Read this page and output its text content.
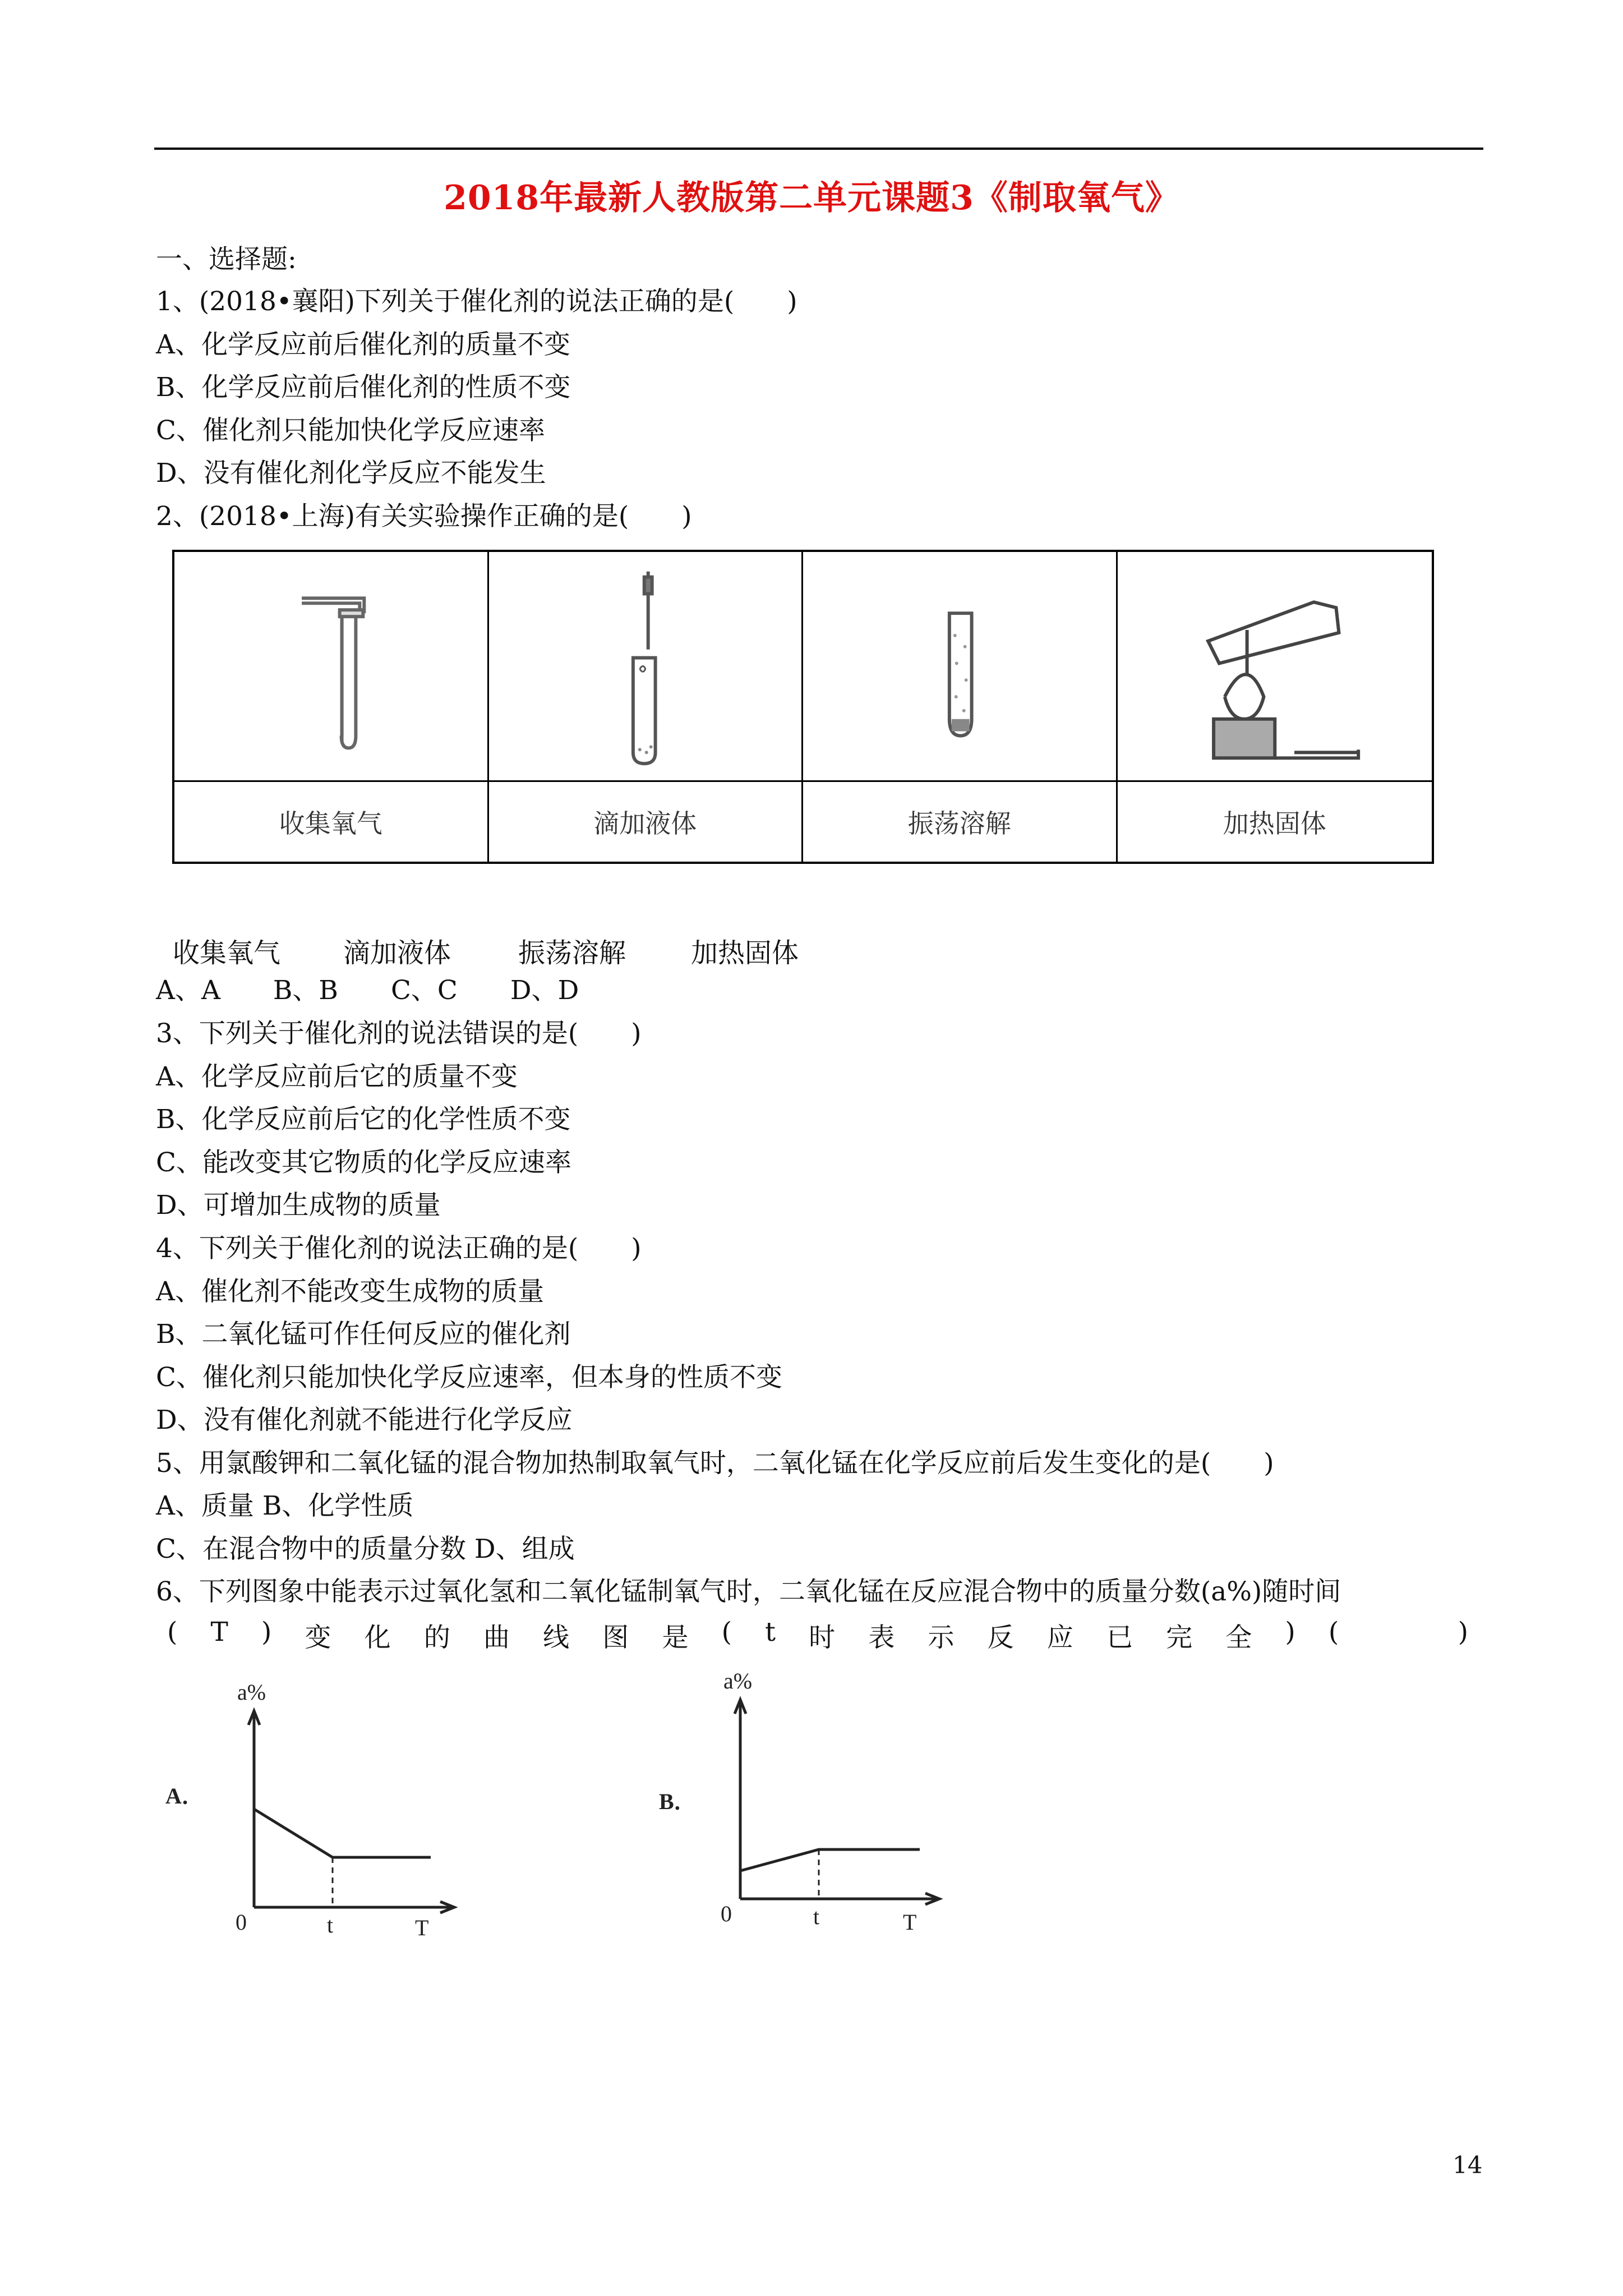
2018年最新人教版第二单元课题3《制取氧气》
一、选择题:
1、(2018•襄阳)下列关于催化剂的说法正确的是(　　)
A、化学反应前后催化剂的质量不变
B、化学反应前后催化剂的性质不变
C、催化剂只能加快化学反应速率
D、没有催化剂化学反应不能发生
2、(2018•上海)有关实验操作正确的是(　　)
收集氧气	滴加液体	振荡溶解	加热固体
收集氧气 滴加液体 振荡溶解 加热固体
A、A　　B、B　　C、C　　D、D
3、下列关于催化剂的说法错误的是(　　)
A、化学反应前后它的质量不变
B、化学反应前后它的化学性质不变
C、能改变其它物质的化学反应速率
D、可增加生成物的质量
4、下列关于催化剂的说法正确的是(　　)
A、催化剂不能改变生成物的质量
B、二氧化锰可作任何反应的催化剂
C、催化剂只能加快化学反应速率，但本身的性质不变
D、没有催化剂就不能进行化学反应
5、用氯酸钾和二氧化锰的混合物加热制取氧气时，二氧化锰在化学反应前后发生变化的是(　　)
A、质量 B、化学性质
C、在混合物中的质量分数 D、组成
6、下列图象中能表示过氧化氢和二氧化锰制氧气时，二氧化锰在反应混合物中的质量分数(a%)随时间
( T ) 变 化 的 曲 线 图 是 ( t 时 表 示 反 应 已 完 全 ) (
　　	)
a%
A．
0	t	T
a%
B．
0	t	T
14
